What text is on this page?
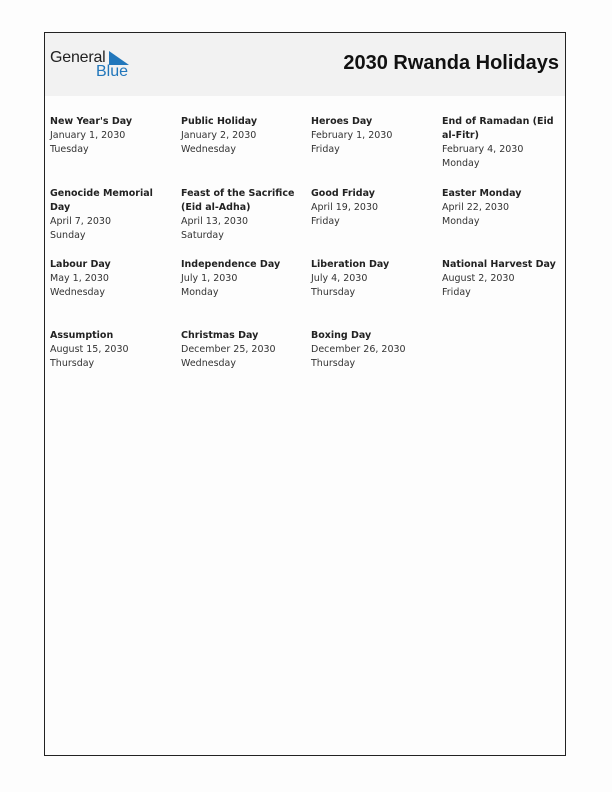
General
Blue	2030 Rwanda Holidays
New Year's Day
January 1, 2030
Tuesday
Public Holiday
January 2, 2030
Wednesday
Heroes Day
February 1, 2030
Friday
End of Ramadan (Eid al-Fitr)
February 4, 2030
Monday
Genocide Memorial Day
April 7, 2030
Sunday
Feast of the Sacrifice (Eid al-Adha)
April 13, 2030
Saturday
Good Friday
April 19, 2030
Friday
Easter Monday
April 22, 2030
Monday
Labour Day
May 1, 2030
Wednesday
Independence Day
July 1, 2030
Monday
Liberation Day
July 4, 2030
Thursday
National Harvest Day
August 2, 2030
Friday
Assumption
August 15, 2030
Thursday
Christmas Day
December 25, 2030
Wednesday
Boxing Day
December 26, 2030
Thursday
